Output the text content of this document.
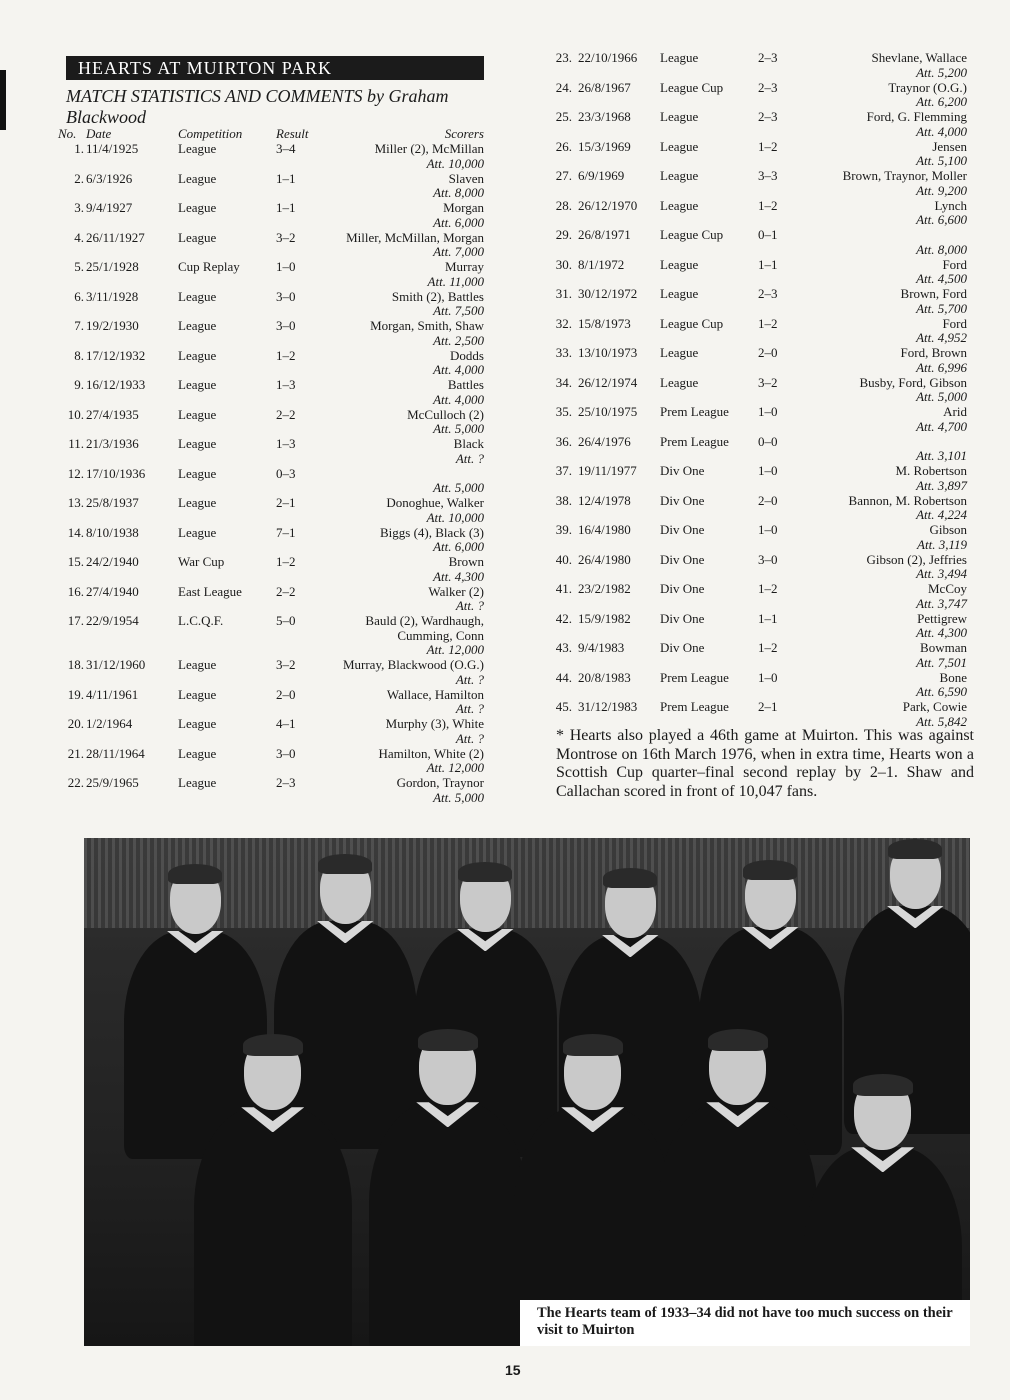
HEARTS AT MUIRTON PARK
MATCH STATISTICS AND COMMENTS by Graham Blackwood
No. Date	Competition	Result	Scorers
1. 11/4/1925	League	3–4	Miller (2), McMillan
Att. 10,000
2. 6/3/1926	League	1–1	Slaven
Att. 8,000
3. 9/4/1927	League	1–1	Morgan
Att. 6,000
4. 26/11/1927	League	3–2	Miller, McMillan, Morgan
Att. 7,000
5. 25/1/1928	Cup Replay	1–0	Murray
Att. 11,000
6. 3/11/1928	League	3–0	Smith (2), Battles
Att. 7,500
7. 19/2/1930	League	3–0	Morgan, Smith, Shaw
Att. 2,500
8. 17/12/1932	League	1–2	Dodds
Att. 4,000
9. 16/12/1933	League	1–3	Battles
Att. 4,000
10. 27/4/1935	League	2–2	McCulloch (2)
Att. 5,000
11. 21/3/1936	League	1–3	Black
Att. ?
12. 17/10/1936	League	0–3
Att. 5,000
13. 25/8/1937	League	2–1	Donoghue, Walker
Att. 10,000
14. 8/10/1938	League	7–1	Biggs (4), Black (3)
Att. 6,000
15. 24/2/1940	War Cup	1–2	Brown
Att. 4,300
16. 27/4/1940	East League	2–2	Walker (2)
Att. ?
17. 22/9/1954	L.C.Q.F.	5–0	Bauld (2), Wardhaugh,
Cumming, Conn
Att. 12,000
18. 31/12/1960	League	3–2	Murray, Blackwood (O.G.)
Att. ?
19. 4/11/1961	League	2–0	Wallace, Hamilton
Att. ?
20. 1/2/1964	League	4–1	Murphy (3), White
Att. ?
21. 28/11/1964	League	3–0	Hamilton, White (2)
Att. 12,000
22. 25/9/1965	League	2–3	Gordon, Traynor
Att. 5,000
23. 22/10/1966 League	2–3	Shevlane, Wallace
Att. 5,200
24. 26/8/1967 League Cup	2–3	Traynor (O.G.)
Att. 6,200
25. 23/3/1968 League	2–3	Ford, G. Flemming
Att. 4,000
26. 15/3/1969 League	1–2	Jensen
Att. 5,100
27. 6/9/1969	League	3–3	Brown, Traynor, Moller
Att. 9,200
28. 26/12/1970 League	1–2	Lynch
Att. 6,600
29. 26/8/1971 League Cup	0–1
Att. 8,000
30. 8/1/1972	League	1–1	Ford
Att. 4,500
31. 30/12/1972 League	2–3	Brown, Ford
Att. 5,700
32. 15/8/1973 League Cup	1–2	Ford
Att. 4,952
33. 13/10/1973 League	2–0	Ford, Brown
Att. 6,996
34. 26/12/1974 League	3–2	Busby, Ford, Gibson
Att. 5,000
35. 25/10/1975 Prem League 1–0	Arid
Att. 4,700
36. 26/4/1976 Prem League 0–0
Att. 3,101
37. 19/11/1977 Div One	1–0	M. Robertson
Att. 3,897
38. 12/4/1978 Div One	2–0	Bannon, M. Robertson
Att. 4,224
39. 16/4/1980 Div One	1–0	Gibson
Att. 3,119
40. 26/4/1980 Div One	3–0	Gibson (2), Jeffries
Att. 3,494
41. 23/2/1982 Div One	1–2	McCoy
Att. 3,747
42. 15/9/1982 Div One	1–1	Pettigrew
Att. 4,300
43. 9/4/1983	Div One	1–2	Bowman
Att. 7,501
44. 20/8/1983 Prem League 1–0	Bone
Att. 6,590
45. 31/12/1983 Prem League 2–1	Park, Cowie
Att. 5,842
* Hearts also played a 46th game at Muirton. This was against Montrose on 16th March 1976, when in extra time, Hearts won a Scottish Cup quarter–final second replay by 2–1. Shaw and Callachan scored in front of 10,047 fans.
The Hearts team of 1933–34 did not have too much success on their visit to Muirton
15
